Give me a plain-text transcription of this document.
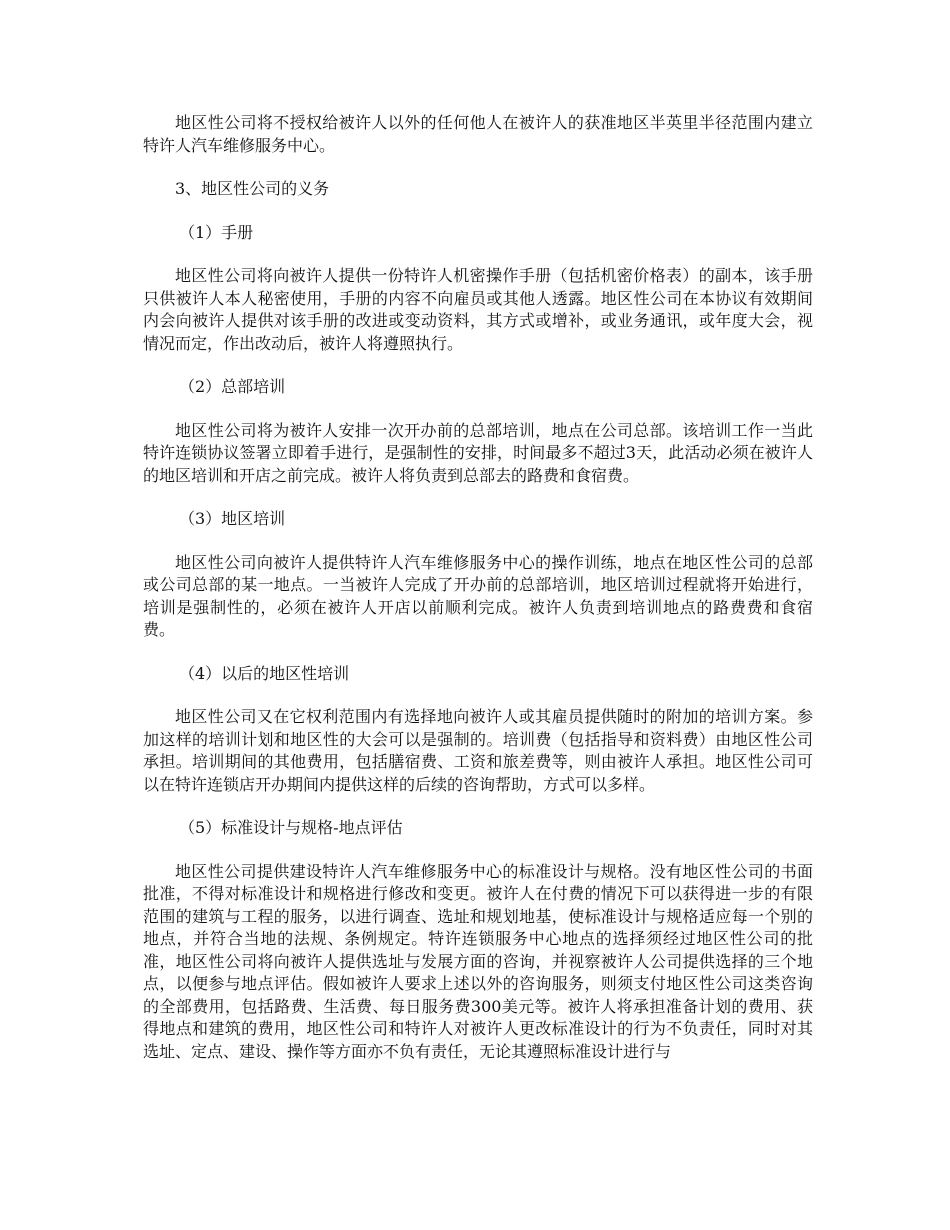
地区性公司将不授权给被许人以外的任何他人在被许人的获准地区半英里半径范围内建立特许人汽车维修服务中心。

3、地区性公司的义务

（1）手册

地区性公司将向被许人提供一份特许人机密操作手册（包括机密价格表）的副本，该手册只供被许人本人秘密使用，手册的内容不向雇员或其他人透露。地区性公司在本协议有效期间内会向被许人提供对该手册的改进或变动资料，其方式或增补，或业务通讯，或年度大会，视情况而定，作出改动后，被许人将遵照执行。

（2）总部培训

地区性公司将为被许人安排一次开办前的总部培训，地点在公司总部。该培训工作一当此特许连锁协议签署立即着手进行，是强制性的安排，时间最多不超过3天，此活动必须在被许人的地区培训和开店之前完成。被许人将负责到总部去的路费和食宿费。

（3）地区培训

地区性公司向被许人提供特许人汽车维修服务中心的操作训练，地点在地区性公司的总部或公司总部的某一地点。一当被许人完成了开办前的总部培训，地区培训过程就将开始进行，培训是强制性的，必须在被许人开店以前顺利完成。被许人负责到培训地点的路费费和食宿费。

（4）以后的地区性培训

地区性公司又在它权利范围内有选择地向被许人或其雇员提供随时的附加的培训方案。参加这样的培训计划和地区性的大会可以是强制的。培训费（包括指导和资料费）由地区性公司承担。培训期间的其他费用，包括膳宿费、工资和旅差费等，则由被许人承担。地区性公司可以在特许连锁店开办期间内提供这样的后续的咨询帮助，方式可以多样。

（5）标准设计与规格-地点评估

地区性公司提供建设特许人汽车维修服务中心的标准设计与规格。没有地区性公司的书面批准，不得对标准设计和规格进行修改和变更。被许人在付费的情况下可以获得进一步的有限范围的建筑与工程的服务，以进行调查、选址和规划地基，使标准设计与规格适应每一个别的地点，并符合当地的法规、条例规定。特许连锁服务中心地点的选择须经过地区性公司的批准，地区性公司将向被许人提供选址与发展方面的咨询，并视察被许人公司提供选择的三个地点，以便参与地点评估。假如被许人要求上述以外的咨询服务，则须支付地区性公司这类咨询的全部费用，包括路费、生活费、每日服务费300美元等。被许人将承担准备计划的费用、获得地点和建筑的费用，地区性公司和特许人对被许人更改标准设计的行为不负责任，同时对其选址、定点、建设、操作等方面亦不负有责任，无论其遵照标准设计进行与
